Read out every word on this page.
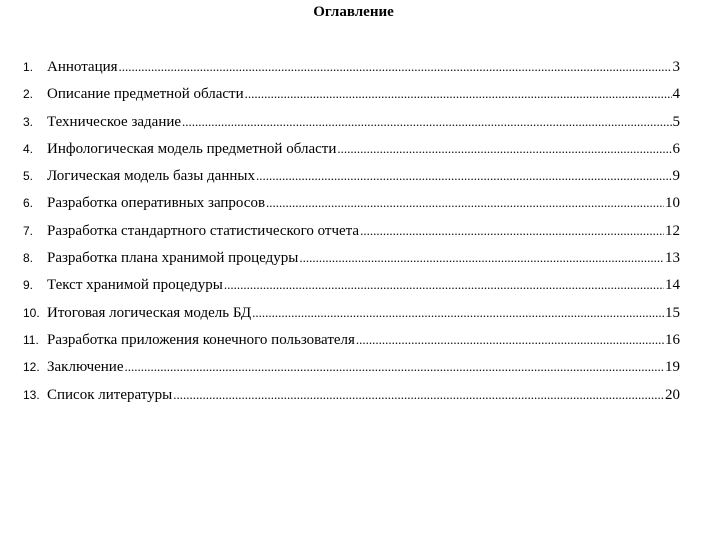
Оглавление
1. Аннотация .....	3
2. Описание предметной области .....	4
3. Техническое задание .....	5
4. Инфологическая модель предметной области .....	6
5. Логическая модель базы данных .....	9
6. Разработка оперативных запросов .....	10
7. Разработка стандартного статистического отчета .....	12
8. Разработка плана хранимой процедуры .....	13
9. Текст хранимой процедуры .....	14
10. Итоговая логическая модель БД .....	15
11. Разработка приложения конечного пользователя .....	16
12. Заключение .....	19
13. Список литературы .....	20
